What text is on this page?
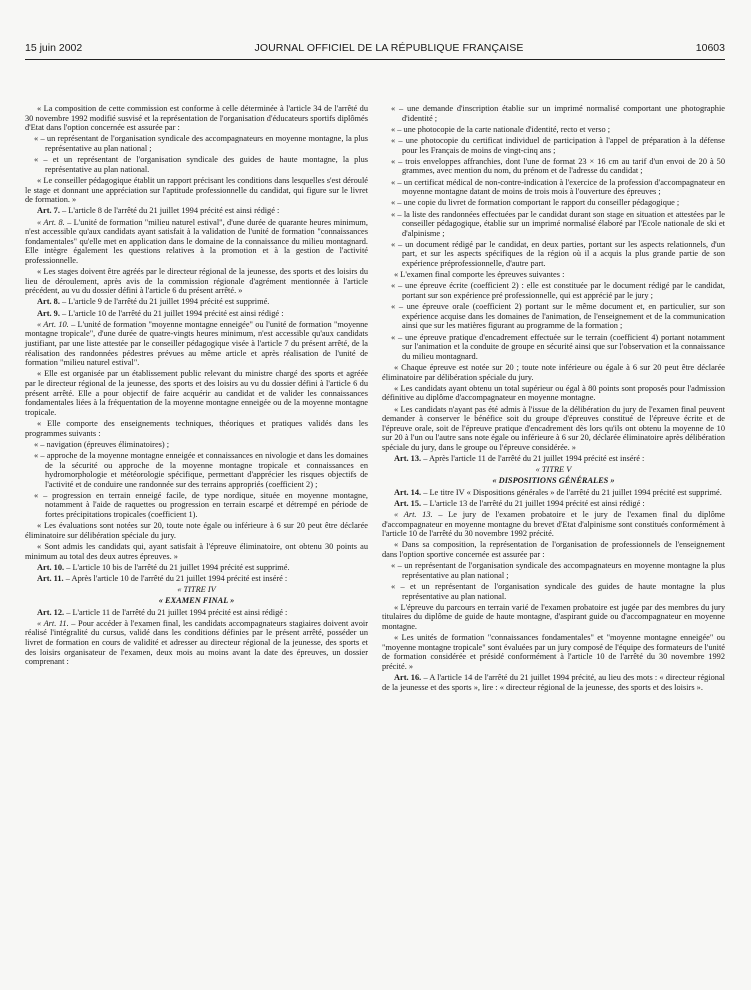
15 juin 2002	JOURNAL OFFICIEL DE LA RÉPUBLIQUE FRANÇAISE	10603

« La composition de cette commission est conforme à celle déterminée à l'article 34 de l'arrêté du 30 novembre 1992 modifié susvisé et la représentation de l'organisation d'éducateurs sportifs diplômés d'Etat dans l'option concernée est assurée par :

« – un représentant de l'organisation syndicale des accompagnateurs en moyenne montagne, la plus représentative au plan national ;

« – et un représentant de l'organisation syndicale des guides de haute montagne, la plus représentative au plan national.

« Le conseiller pédagogique établit un rapport précisant les conditions dans lesquelles s'est déroulé le stage et donnant une appréciation sur l'aptitude professionnelle du candidat, qui figure sur le livret de formation. »

Art. 7. – L'article 8 de l'arrêté du 21 juillet 1994 précité est ainsi rédigé :

« Art. 8. – L'unité de formation "milieu naturel estival", d'une durée de quarante heures minimum, n'est accessible qu'aux candidats ayant satisfait à la validation de l'unité de formation "connaissances fondamentales" qu'elle met en application dans le domaine de la connaissance du milieu montagnard. Elle intègre également les questions relatives à la promotion et à la gestion de l'activité professionnelle.

« Les stages doivent être agréés par le directeur régional de la jeunesse, des sports et des loisirs du lieu de déroulement, après avis de la commission régionale d'agrément mentionnée à l'article précédent, au vu du dossier défini à l'article 6 du présent arrêté. »

Art. 8. – L'article 9 de l'arrêté du 21 juillet 1994 précité est supprimé.

Art. 9. – L'article 10 de l'arrêté du 21 juillet 1994 précité est ainsi rédigé :

« Art. 10. – L'unité de formation "moyenne montagne enneigée" ou l'unité de formation "moyenne montagne tropicale", d'une durée de quatre-vingts heures minimum, n'est accessible qu'aux candidats justifiant, par une liste attestée par le conseiller pédagogique visée à l'article 7 du présent arrêté, de la réalisation des randonnées pédestres prévues au même article et après réalisation de l'unité de formation "milieu naturel estival".

« Elle est organisée par un établissement public relevant du ministre chargé des sports et agréée par le directeur régional de la jeunesse, des sports et des loisirs au vu du dossier défini à l'article 6 du présent arrêté. Elle a pour objectif de faire acquérir au candidat et de valider les connaissances fondamentales liées à la fréquentation de la moyenne montagne enneigée ou de la moyenne montagne tropicale.

« Elle comporte des enseignements techniques, théoriques et pratiques validés dans les programmes suivants :

« – navigation (épreuves éliminatoires) ;

« – approche de la moyenne montagne enneigée et connaissances en nivologie et dans les domaines de la sécurité ou approche de la moyenne montagne tropicale et connaissances en hydromorphologie et météorologie spécifique, permettant d'apprécier les risques objectifs de l'activité et de conduire une randonnée sur des terrains appropriés (coefficient 2) ;

« – progression en terrain enneigé facile, de type nordique, située en moyenne montagne, notamment à l'aide de raquettes ou progression en terrain escarpé et détrempé en période de fortes précipitations tropicales (coefficient 1).

« Les évaluations sont notées sur 20, toute note égale ou inférieure à 6 sur 20 peut être déclarée éliminatoire sur délibération spéciale du jury.

« Sont admis les candidats qui, ayant satisfait à l'épreuve éliminatoire, ont obtenu 30 points au minimum au total des deux autres épreuves. »

Art. 10. – L'article 10 bis de l'arrêté du 21 juillet 1994 précité est supprimé.

Art. 11. – Après l'article 10 de l'arrêté du 21 juillet 1994 précité est inséré :

« TITRE IV

« EXAMEN FINAL »

Art. 12. – L'article 11 de l'arrêté du 21 juillet 1994 précité est ainsi rédigé :

« Art. 11. – Pour accéder à l'examen final, les candidats accompagnateurs stagiaires doivent avoir réalisé l'intégralité du cursus, validé dans les conditions définies par le présent arrêté, posséder un livret de formation en cours de validité et adresser au directeur régional de la jeunesse, des sports et des loisirs organisateur de l'examen, deux mois au moins avant la date des épreuves, un dossier comprenant :

« – une demande d'inscription établie sur un imprimé normalisé comportant une photographie d'identité ;

« – une photocopie de la carte nationale d'identité, recto et verso ;

« – une photocopie du certificat individuel de participation à l'appel de préparation à la défense pour les Français de moins de vingt-cinq ans ;

« – trois enveloppes affranchies, dont l'une de format 23 × 16 cm au tarif d'un envoi de 20 à 50 grammes, avec mention du nom, du prénom et de l'adresse du candidat ;

« – un certificat médical de non-contre-indication à l'exercice de la profession d'accompagnateur en moyenne montagne datant de moins de trois mois à l'ouverture des épreuves ;

« – une copie du livret de formation comportant le rapport du conseiller pédagogique ;

« – la liste des randonnées effectuées par le candidat durant son stage en situation et attestées par le conseiller pédagogique, établie sur un imprimé normalisé élaboré par l'Ecole nationale de ski et d'alpinisme ;

« – un document rédigé par le candidat, en deux parties, portant sur les aspects relationnels, d'un part, et sur les aspects spécifiques de la région où il a acquis la plus grande partie de son expérience préprofessionnelle, d'autre part.

« L'examen final comporte les épreuves suivantes :

« – une épreuve écrite (coefficient 2) : elle est constituée par le document rédigé par le candidat, portant sur son expérience pré professionnelle, qui est apprécié par le jury ;

« – une épreuve orale (coefficient 2) portant sur le même document et, en particulier, sur son expérience acquise dans les domaines de l'animation, de l'enseignement et de la communication ainsi que sur les matières figurant au programme de la formation ;

« – une épreuve pratique d'encadrement effectuée sur le terrain (coefficient 4) portant notamment sur l'animation et la conduite de groupe en sécurité ainsi que sur l'observation et la connaissance du milieu montagnard.

« Chaque épreuve est notée sur 20 ; toute note inférieure ou égale à 6 sur 20 peut être déclarée éliminatoire par délibération spéciale du jury.

« Les candidats ayant obtenu un total supérieur ou égal à 80 points sont proposés pour l'admission définitive au diplôme d'accompagnateur en moyenne montagne.

« Les candidats n'ayant pas été admis à l'issue de la délibération du jury de l'examen final peuvent demander à conserver le bénéfice soit du groupe d'épreuves constitué de l'épreuve écrite et de l'épreuve orale, soit de l'épreuve pratique d'encadrement dès lors qu'ils ont obtenu la moyenne de 10 sur 20 à l'un ou l'autre sans note égale ou inférieure à 6 sur 20, déclarée éliminatoire après délibération spéciale du jury, dans le groupe ou l'épreuve considérée. »

Art. 13. – Après l'article 11 de l'arrêté du 21 juillet 1994 précité est inséré :

« TITRE V

« DISPOSITIONS GÉNÉRALES »

Art. 14. – Le titre IV « Dispositions générales » de l'arrêté du 21 juillet 1994 précité est supprimé.

Art. 15. – L'article 13 de l'arrêté du 21 juillet 1994 précité est ainsi rédigé :

« Art. 13. – Le jury de l'examen probatoire et le jury de l'examen final du diplôme d'accompagnateur en moyenne montagne du brevet d'Etat d'alpinisme sont constitués conformément à l'article 10 de l'arrêté du 30 novembre 1992 précité.

« Dans sa composition, la représentation de l'organisation de professionnels de l'enseignement dans l'option sportive concernée est assurée par :

« – un représentant de l'organisation syndicale des accompagnateurs en moyenne montagne la plus représentative au plan national ;

« – et un représentant de l'organisation syndicale des guides de haute montagne la plus représentative au plan national.

« L'épreuve du parcours en terrain varié de l'examen probatoire est jugée par des membres du jury titulaires du diplôme de guide de haute montagne, d'aspirant guide ou d'accompagnateur en moyenne montagne.

« Les unités de formation "connaissances fondamentales" et "moyenne montagne enneigée" ou "moyenne montagne tropicale" sont évaluées par un jury composé de l'équipe des formateurs de l'unité de formation considérée et présidé conformément à l'article 10 de l'arrêté du 30 novembre 1992 précité. »

Art. 16. – A l'article 14 de l'arrêté du 21 juillet 1994 précité, au lieu des mots : « directeur régional de la jeunesse et des sports », lire : « directeur régional de la jeunesse, des sports et des loisirs ».
